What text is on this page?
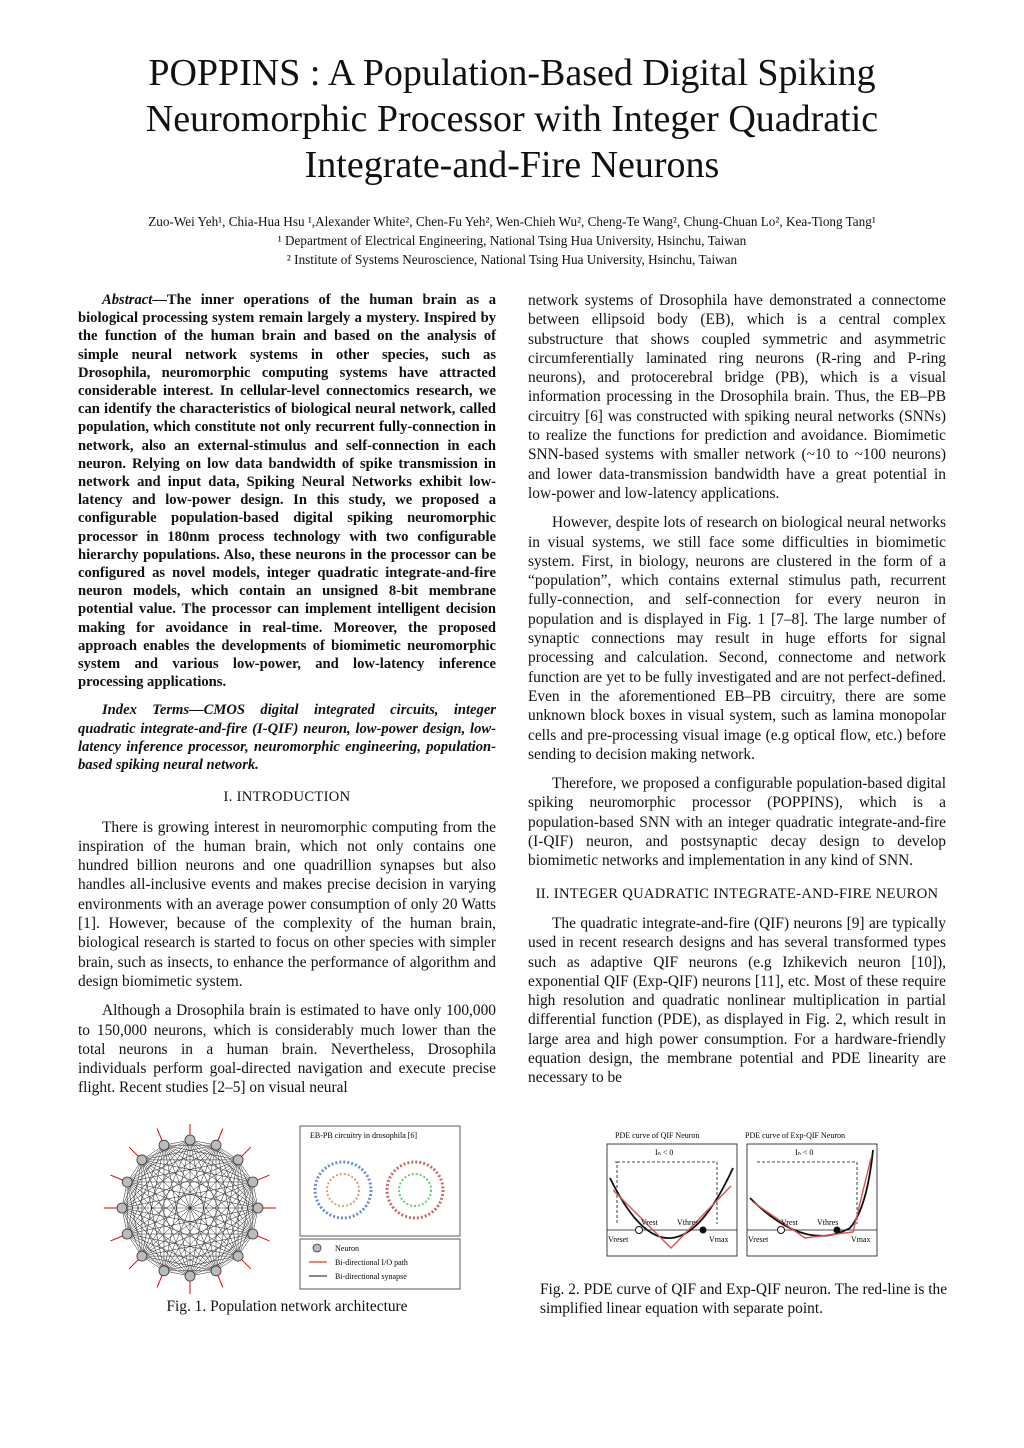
POPPINS : A Population-Based Digital Spiking
Neuromorphic Processor with Integer Quadratic
Integrate-and-Fire Neurons
Zuo-Wei Yeh¹, Chia-Hua Hsu ¹,Alexander White², Chen-Fu Yeh², Wen-Chieh Wu², Cheng-Te Wang², Chung-Chuan Lo², Kea-Tiong Tang¹
¹ Department of Electrical Engineering, National Tsing Hua University, Hsinchu, Taiwan
² Institute of Systems Neuroscience, National Tsing Hua University, Hsinchu, Taiwan

Abstract—The inner operations of the human brain as a biological processing system remain largely a mystery. Inspired by the function of the human brain and based on the analysis of simple neural network systems in other species, such as Drosophila, neuromorphic computing systems have attracted considerable interest. In cellular-level connectomics research, we can identify the characteristics of biological neural network, called population, which constitute not only recurrent fully-connection in network, also an external-stimulus and self-connection in each neuron. Relying on low data bandwidth of spike transmission in network and input data, Spiking Neural Networks exhibit low-latency and low-power design. In this study, we proposed a configurable population-based digital spiking neuromorphic processor in 180nm process technology with two configurable hierarchy populations. Also, these neurons in the processor can be configured as novel models, integer quadratic integrate-and-fire neuron models, which contain an unsigned 8-bit membrane potential value. The processor can implement intelligent decision making for avoidance in real-time. Moreover, the proposed approach enables the developments of biomimetic neuromorphic system and various low-power, and low-latency inference processing applications.

Index Terms—CMOS digital integrated circuits, integer quadratic integrate-and-fire (I-QIF) neuron, low-power design, low-latency inference processor, neuromorphic engineering, population-based spiking neural network.

I. INTRODUCTION

There is growing interest in neuromorphic computing from the inspiration of the human brain, which not only contains one hundred billion neurons and one quadrillion synapses but also handles all-inclusive events and makes precise decision in varying environments with an average power consumption of only 20 Watts [1]. However, because of the complexity of the human brain, biological research is started to focus on other species with simpler brain, such as insects, to enhance the performance of algorithm and design biomimetic system.

Although a Drosophila brain is estimated to have only 100,000 to 150,000 neurons, which is considerably much lower than the total neurons in a human brain. Nevertheless, Drosophila individuals perform goal-directed navigation and execute precise flight. Recent studies [2–5] on visual neural

network systems of Drosophila have demonstrated a connectome between ellipsoid body (EB), which is a central complex substructure that shows coupled symmetric and asymmetric circumferentially laminated ring neurons (R-ring and P-ring neurons), and protocerebral bridge (PB), which is a visual information processing in the Drosophila brain. Thus, the EB–PB circuitry [6] was constructed with spiking neural networks (SNNs) to realize the functions for prediction and avoidance. Biomimetic SNN-based systems with smaller network (~10 to ~100 neurons) and lower data-transmission bandwidth have a great potential in low-power and low-latency applications.

However, despite lots of research on biological neural networks in visual systems, we still face some difficulties in biomimetic system. First, in biology, neurons are clustered in the form of a “population”, which contains external stimulus path, recurrent fully-connection, and self-connection for every neuron in population and is displayed in Fig. 1 [7–8]. The large number of synaptic connections may result in huge efforts for signal processing and calculation. Second, connectome and network function are yet to be fully investigated and are not perfect-defined. Even in the aforementioned EB–PB circuitry, there are some unknown block boxes in visual system, such as lamina monopolar cells and pre-processing visual image (e.g optical flow, etc.) before sending to decision making network.

Therefore, we proposed a configurable population-based digital spiking neuromorphic processor (POPPINS), which is a population-based SNN with an integer quadratic integrate-and-fire (I-QIF) neuron, and postsynaptic decay design to develop biomimetic networks and implementation in any kind of SNN.

II. INTEGER QUADRATIC INTEGRATE-AND-FIRE NEURON

The quadratic integrate-and-fire (QIF) neurons [9] are typically used in recent research designs and has several transformed types such as adaptive QIF neurons (e.g Izhikevich neuron [10]), exponential QIF (Exp-QIF) neurons [11], etc. Most of these require high resolution and quadratic nonlinear multiplication in partial differential function (PDE), as displayed in Fig. 2, which result in large area and high power consumption. For a hardware-friendly equation design, the membrane potential and PDE linearity are necessary to be

EB-PB circuitry in drosophila [6]
Neuron
Bi-directional I/O path
Bi-directional synapse
Fig. 1. Population network architecture
PDE curve of QIF Neuron	PDE curve of Exp-QIF Neuron
Iₙ < 0	Iₙ < 0
Vreset
Vrest Vthres
Vmax Vreset
Vrest Vthres
Vmax
Fig. 2. PDE curve of QIF and Exp-QIF neuron. The red-line is the simplified linear equation with separate point.
